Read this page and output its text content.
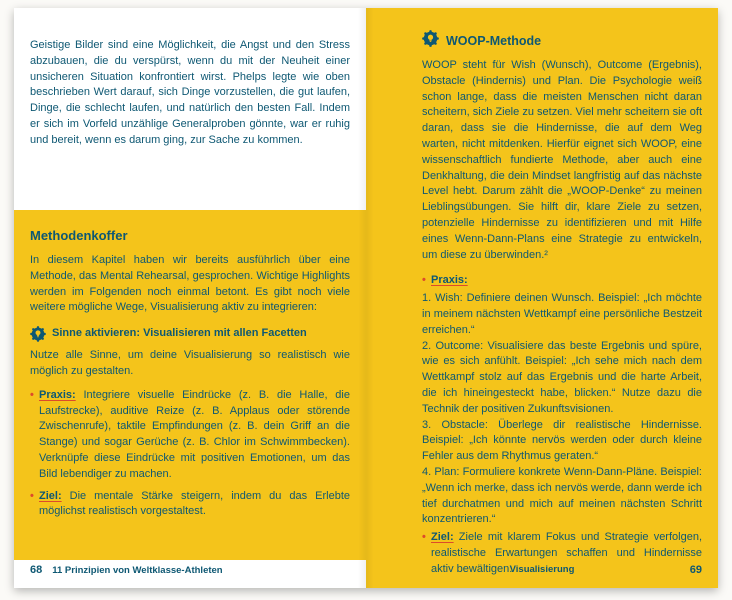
Geistige Bilder sind eine Möglichkeit, die Angst und den Stress abzubauen, die du verspürst, wenn du mit der Neuheit einer unsicheren Situation konfrontiert wirst. Phelps legte wie oben beschrieben Wert darauf, sich Dinge vorzustellen, die gut laufen, Dinge, die schlecht laufen, und natürlich den besten Fall. Indem er sich im Vorfeld unzählige Generalproben gönnte, war er ruhig und bereit, wenn es darum ging, zur Sache zu kommen.

Methodenkoffer

In diesem Kapitel haben wir bereits ausführlich über eine Methode, das Mental Rehearsal, gesprochen. Wichtige Highlights werden im Folgenden noch einmal betont. Es gibt noch viele weitere mögliche Wege, Visualisierung aktiv zu integrieren:

Sinne aktivieren: Visualisieren mit allen Facetten

Nutze alle Sinne, um deine Visualisierung so realistisch wie möglich zu gestalten.

• Praxis: Integriere visuelle Eindrücke (z. B. die Halle, die Laufstrecke), auditive Reize (z. B. Applaus oder störende Zwischenrufe), taktile Empfindungen (z. B. dein Griff an die Stange) und sogar Gerüche (z. B. Chlor im Schwimmbecken). Verknüpfe diese Eindrücke mit positiven Emotionen, um das Bild lebendiger zu machen.
• Ziel: Die mentale Stärke steigern, indem du das Erlebte möglichst realistisch vorgestaltest.
68 11 Prinzipien von Weltklasse-Athleten
WOOP-Methode

WOOP steht für Wish (Wunsch), Outcome (Ergebnis), Obstacle (Hindernis) und Plan. Die Psychologie weiß schon lange, dass die meisten Menschen nicht daran scheitern, sich Ziele zu setzen. Viel mehr scheitern sie oft daran, dass sie die Hindernisse, die auf dem Weg warten, nicht mitdenken. Hierfür eignet sich WOOP, eine wissenschaftlich fundierte Methode, aber auch eine Denkhaltung, die dein Mindset langfristig auf das nächste Level hebt. Darum zählt die „WOOP-Denke“ zu meinen Lieblingsübungen. Sie hilft dir, klare Ziele zu setzen, potenzielle Hindernisse zu identifizieren und mit Hilfe eines Wenn-Dann-Plans eine Strategie zu entwickeln, um diese zu überwinden.²

• Praxis:

1. Wish: Definiere deinen Wunsch. Beispiel: „Ich möchte in meinem nächsten Wettkampf eine persönliche Bestzeit erreichen.“

2. Outcome: Visualisiere das beste Ergebnis und spüre, wie es sich anfühlt. Beispiel: „Ich sehe mich nach dem Wettkampf stolz auf das Ergebnis und die harte Arbeit, die ich hineingesteckt habe, blicken.“ Nutze dazu die Technik der positiven Zukunftsvisionen.

3. Obstacle: Überlege dir realistische Hindernisse. Beispiel: „Ich könnte nervös werden oder durch kleine Fehler aus dem Rhythmus geraten.“

4. Plan: Formuliere konkrete Wenn-Dann-Pläne. Beispiel: „Wenn ich merke, dass ich nervös werde, dann werde ich tief durchatmen und mich auf meinen nächsten Schritt konzentrieren.“

• Ziel: Ziele mit klarem Fokus und Strategie verfolgen, realistische Erwartungen schaffen und Hindernisse aktiv bewältigen.
Visualisierung	69
